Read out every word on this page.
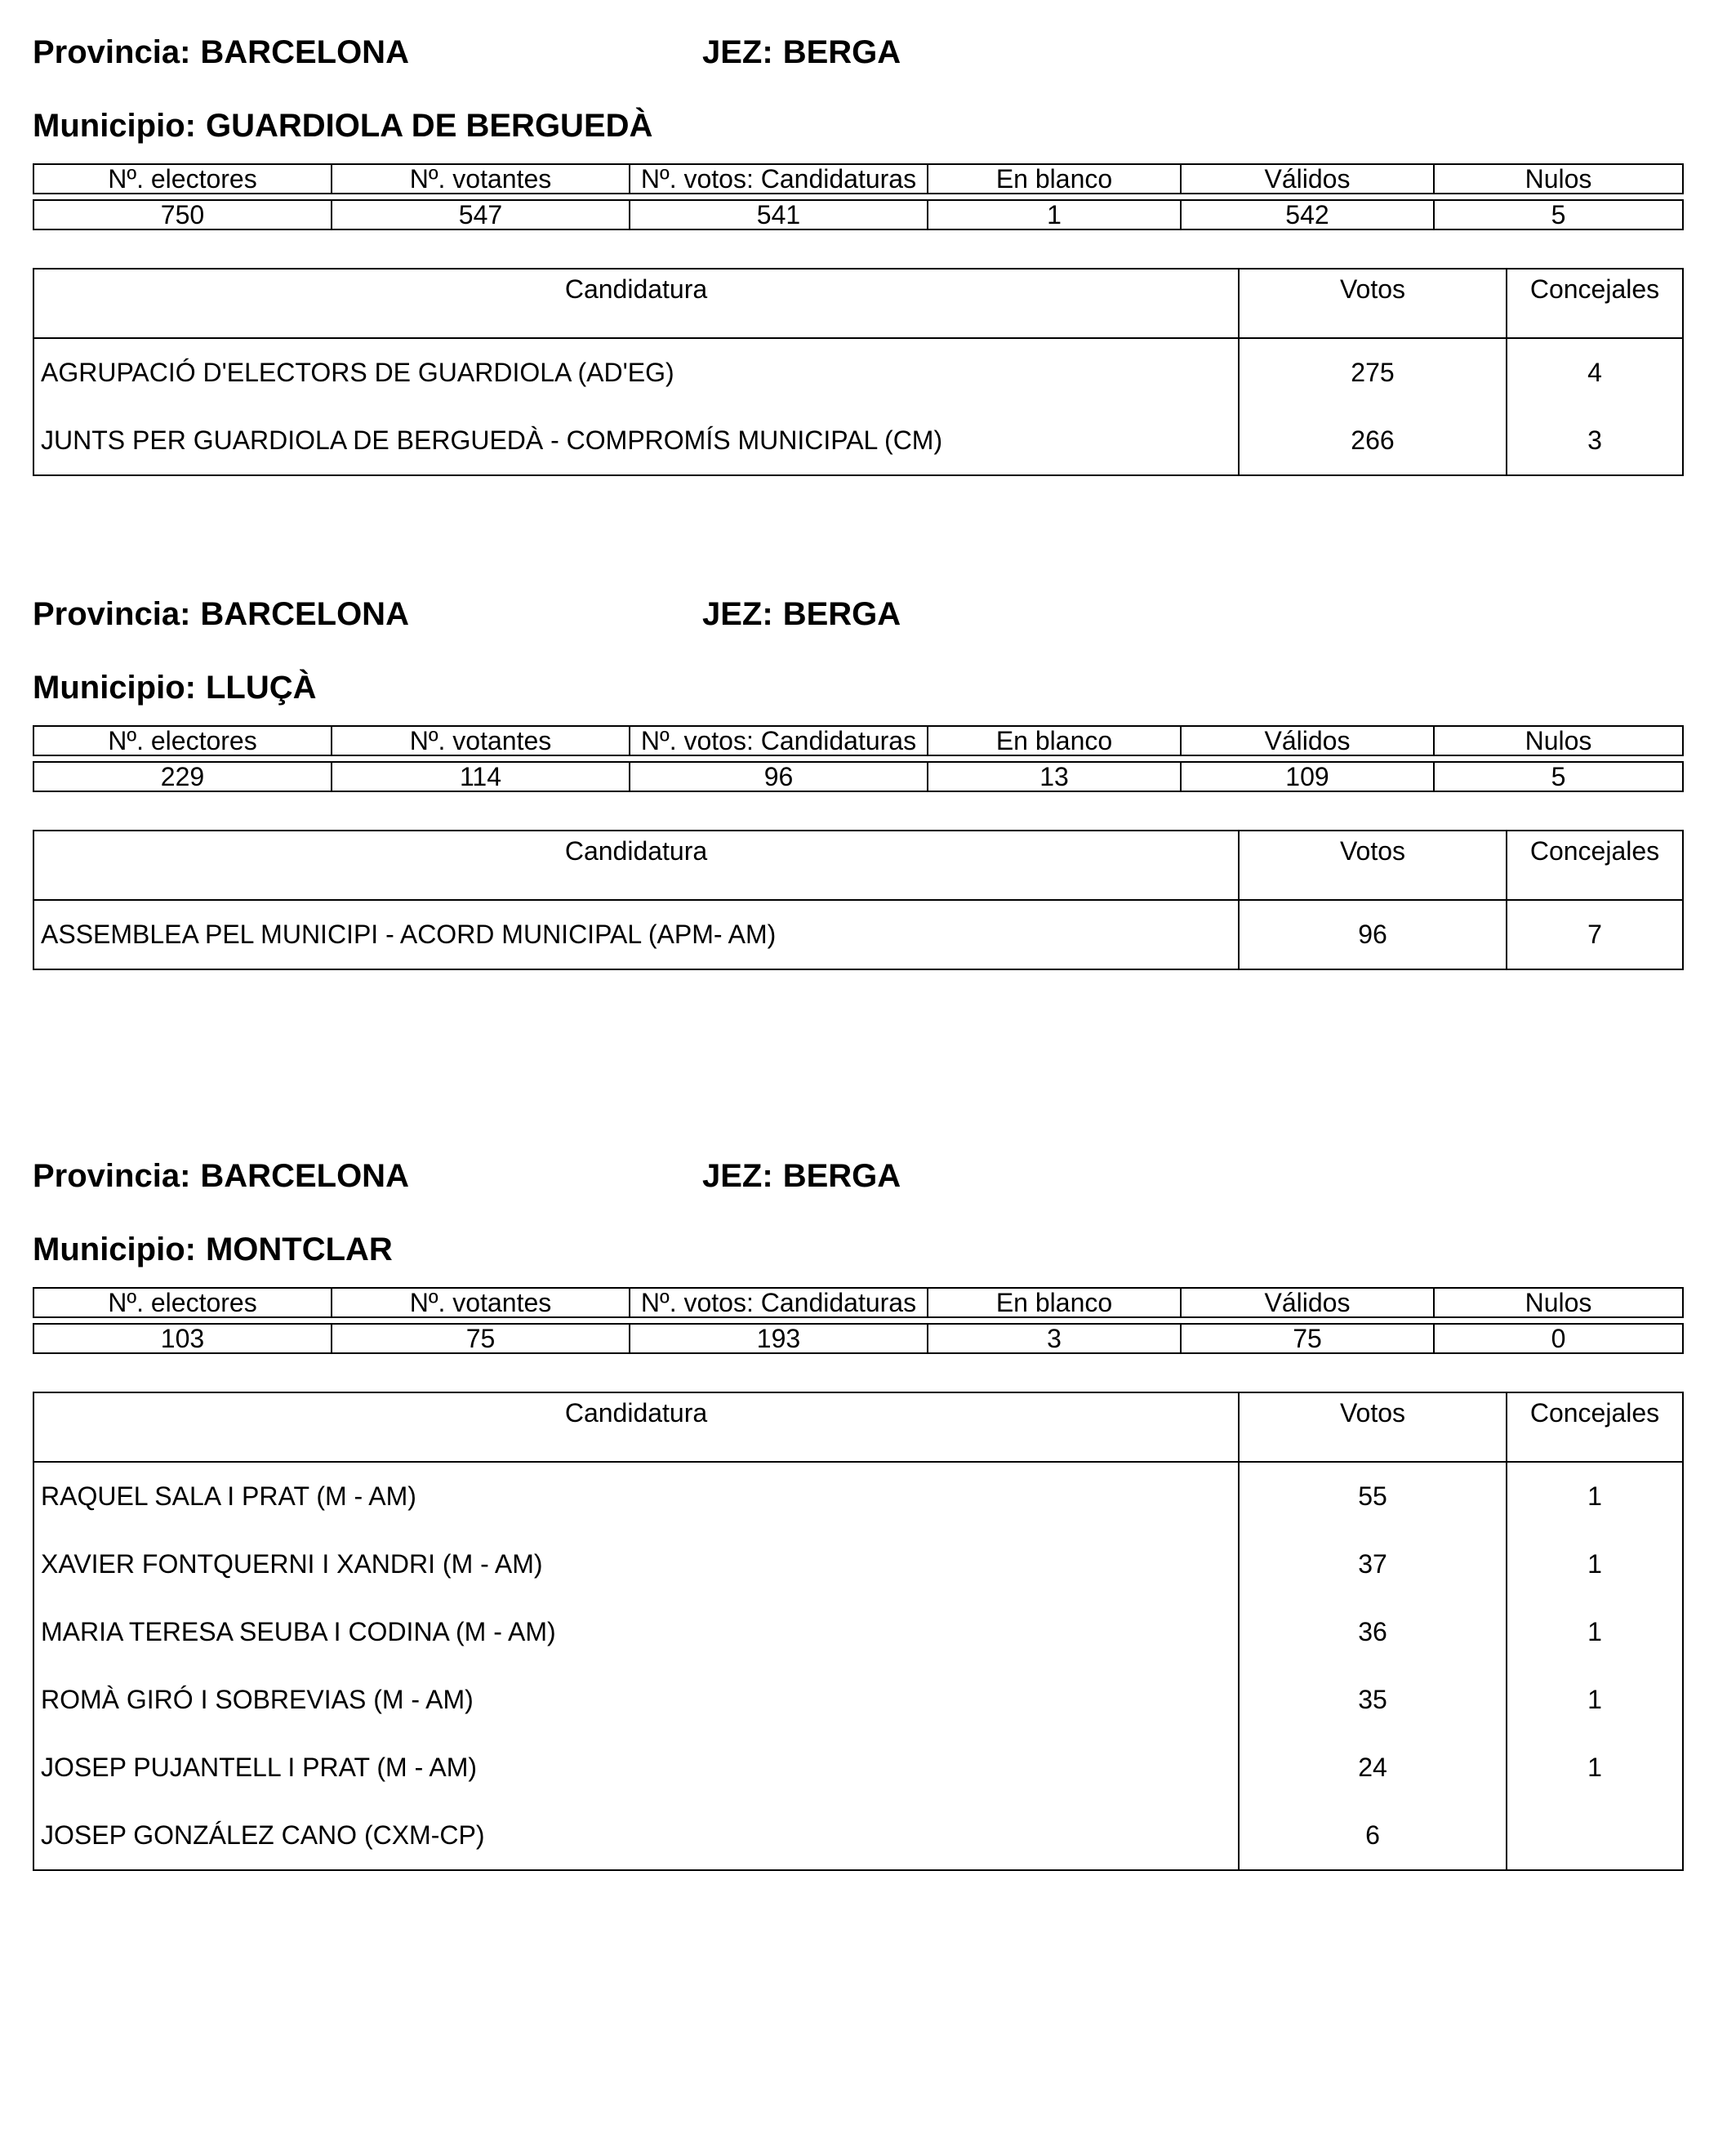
Provincia: BARCELONA	JEZ: BERGA
Municipio: GUARDIOLA DE BERGUEDÀ
Nº. electores	Nº. votantes	Nº. votos: Candidaturas	En blanco	Válidos	Nulos

750	547	541	1	542	5
Candidatura	Votos	Concejales
AGRUPACIÓ D'ELECTORS DE GUARDIOLA (AD'EG)	275	4
JUNTS PER GUARDIOLA DE BERGUEDÀ - COMPROMÍS MUNICIPAL (CM)	266	3
Provincia: BARCELONA	JEZ: BERGA
Municipio: LLUÇÀ
Nº. electores	Nº. votantes	Nº. votos: Candidaturas	En blanco	Válidos	Nulos

229	114	96	13	109	5
Candidatura	Votos	Concejales
ASSEMBLEA PEL MUNICIPI - ACORD MUNICIPAL (APM- AM)	96	7
Provincia: BARCELONA	JEZ: BERGA
Municipio: MONTCLAR
Nº. electores	Nº. votantes	Nº. votos: Candidaturas	En blanco	Válidos	Nulos

103	75	193	3	75	0
Candidatura	Votos	Concejales
RAQUEL SALA I PRAT (M - AM)	55	1
XAVIER FONTQUERNI I XANDRI (M - AM)	37	1
MARIA TERESA SEUBA I CODINA (M - AM)	36	1
ROMÀ GIRÓ I SOBREVIAS (M - AM)	35	1
JOSEP PUJANTELL I PRAT (M - AM)	24	1
JOSEP GONZÁLEZ CANO (CXM-CP)	6	
